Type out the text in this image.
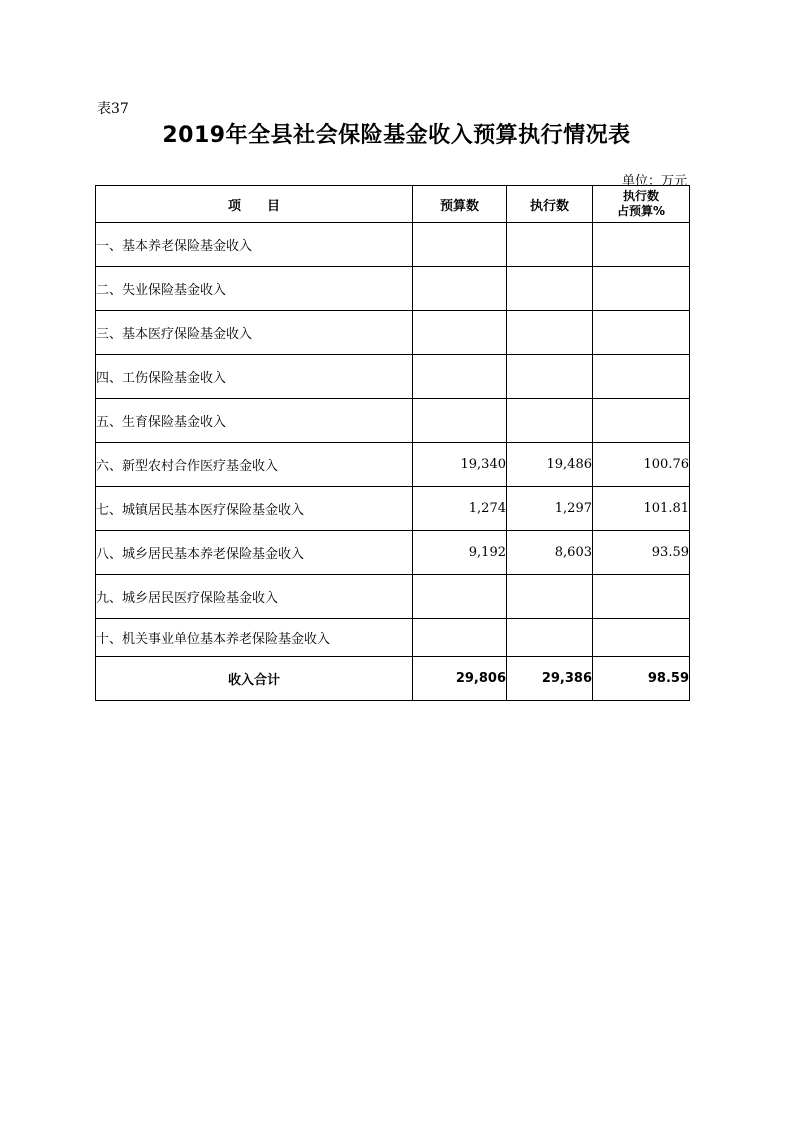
表37
2019年全县社会保险基金收入预算执行情况表
单位：万元
项　　目	预算数	执行数	执行数
占预算%

一、基本养老保险基金收入			
二、失业保险基金收入			
三、基本医疗保险基金收入			
四、工伤保险基金收入			
五、生育保险基金收入			
六、新型农村合作医疗基金收入	19,340	19,486	100.76
七、城镇居民基本医疗保险基金收入	1,274	1,297	101.81
八、城乡居民基本养老保险基金收入	9,192	8,603	93.59
九、城乡居民医疗保险基金收入			
十、机关事业单位基本养老保险基金收入			
收入合计	29,806	29,386	98.59
